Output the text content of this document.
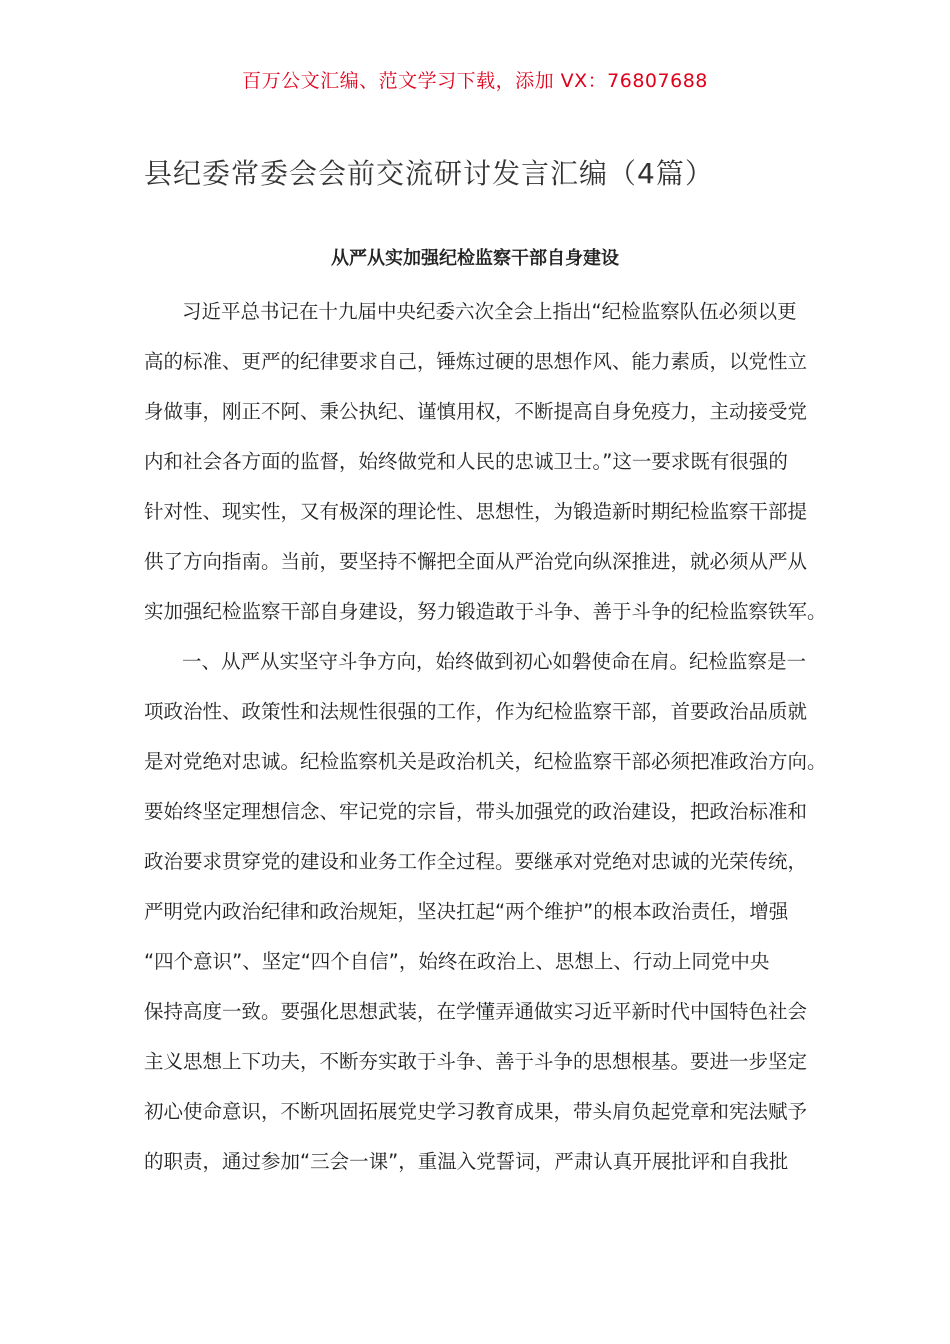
百万公文汇编、范文学习下载，添加 VX：76807688
县纪委常委会会前交流研讨发言汇编（4篇）
从严从实加强纪检监察干部自身建设
习近平总书记在十九届中央纪委六次全会上指出“纪检监察队伍必须以更
高的标准、更严的纪律要求自己，锤炼过硬的思想作风、能力素质，以党性立
身做事，刚正不阿、秉公执纪、谨慎用权，不断提高自身免疫力，主动接受党
内和社会各方面的监督，始终做党和人民的忠诚卫士。”这一要求既有很强的
针对性、现实性，又有极深的理论性、思想性，为锻造新时期纪检监察干部提
供了方向指南。当前，要坚持不懈把全面从严治党向纵深推进，就必须从严从
实加强纪检监察干部自身建设，努力锻造敢于斗争、善于斗争的纪检监察铁军。
一、从严从实坚守斗争方向，始终做到初心如磐使命在肩。纪检监察是一
项政治性、政策性和法规性很强的工作，作为纪检监察干部，首要政治品质就
是对党绝对忠诚。纪检监察机关是政治机关，纪检监察干部必须把准政治方向。
要始终坚定理想信念、牢记党的宗旨，带头加强党的政治建设，把政治标准和
政治要求贯穿党的建设和业务工作全过程。要继承对党绝对忠诚的光荣传统，
严明党内政治纪律和政治规矩，坚决扛起“两个维护”的根本政治责任，增强
“四个意识”、坚定“四个自信”，始终在政治上、思想上、行动上同党中央
保持高度一致。要强化思想武装，在学懂弄通做实习近平新时代中国特色社会
主义思想上下功夫，不断夯实敢于斗争、善于斗争的思想根基。要进一步坚定
初心使命意识，不断巩固拓展党史学习教育成果，带头肩负起党章和宪法赋予
的职责，通过参加“三会一课”，重温入党誓词，严肃认真开展批评和自我批
